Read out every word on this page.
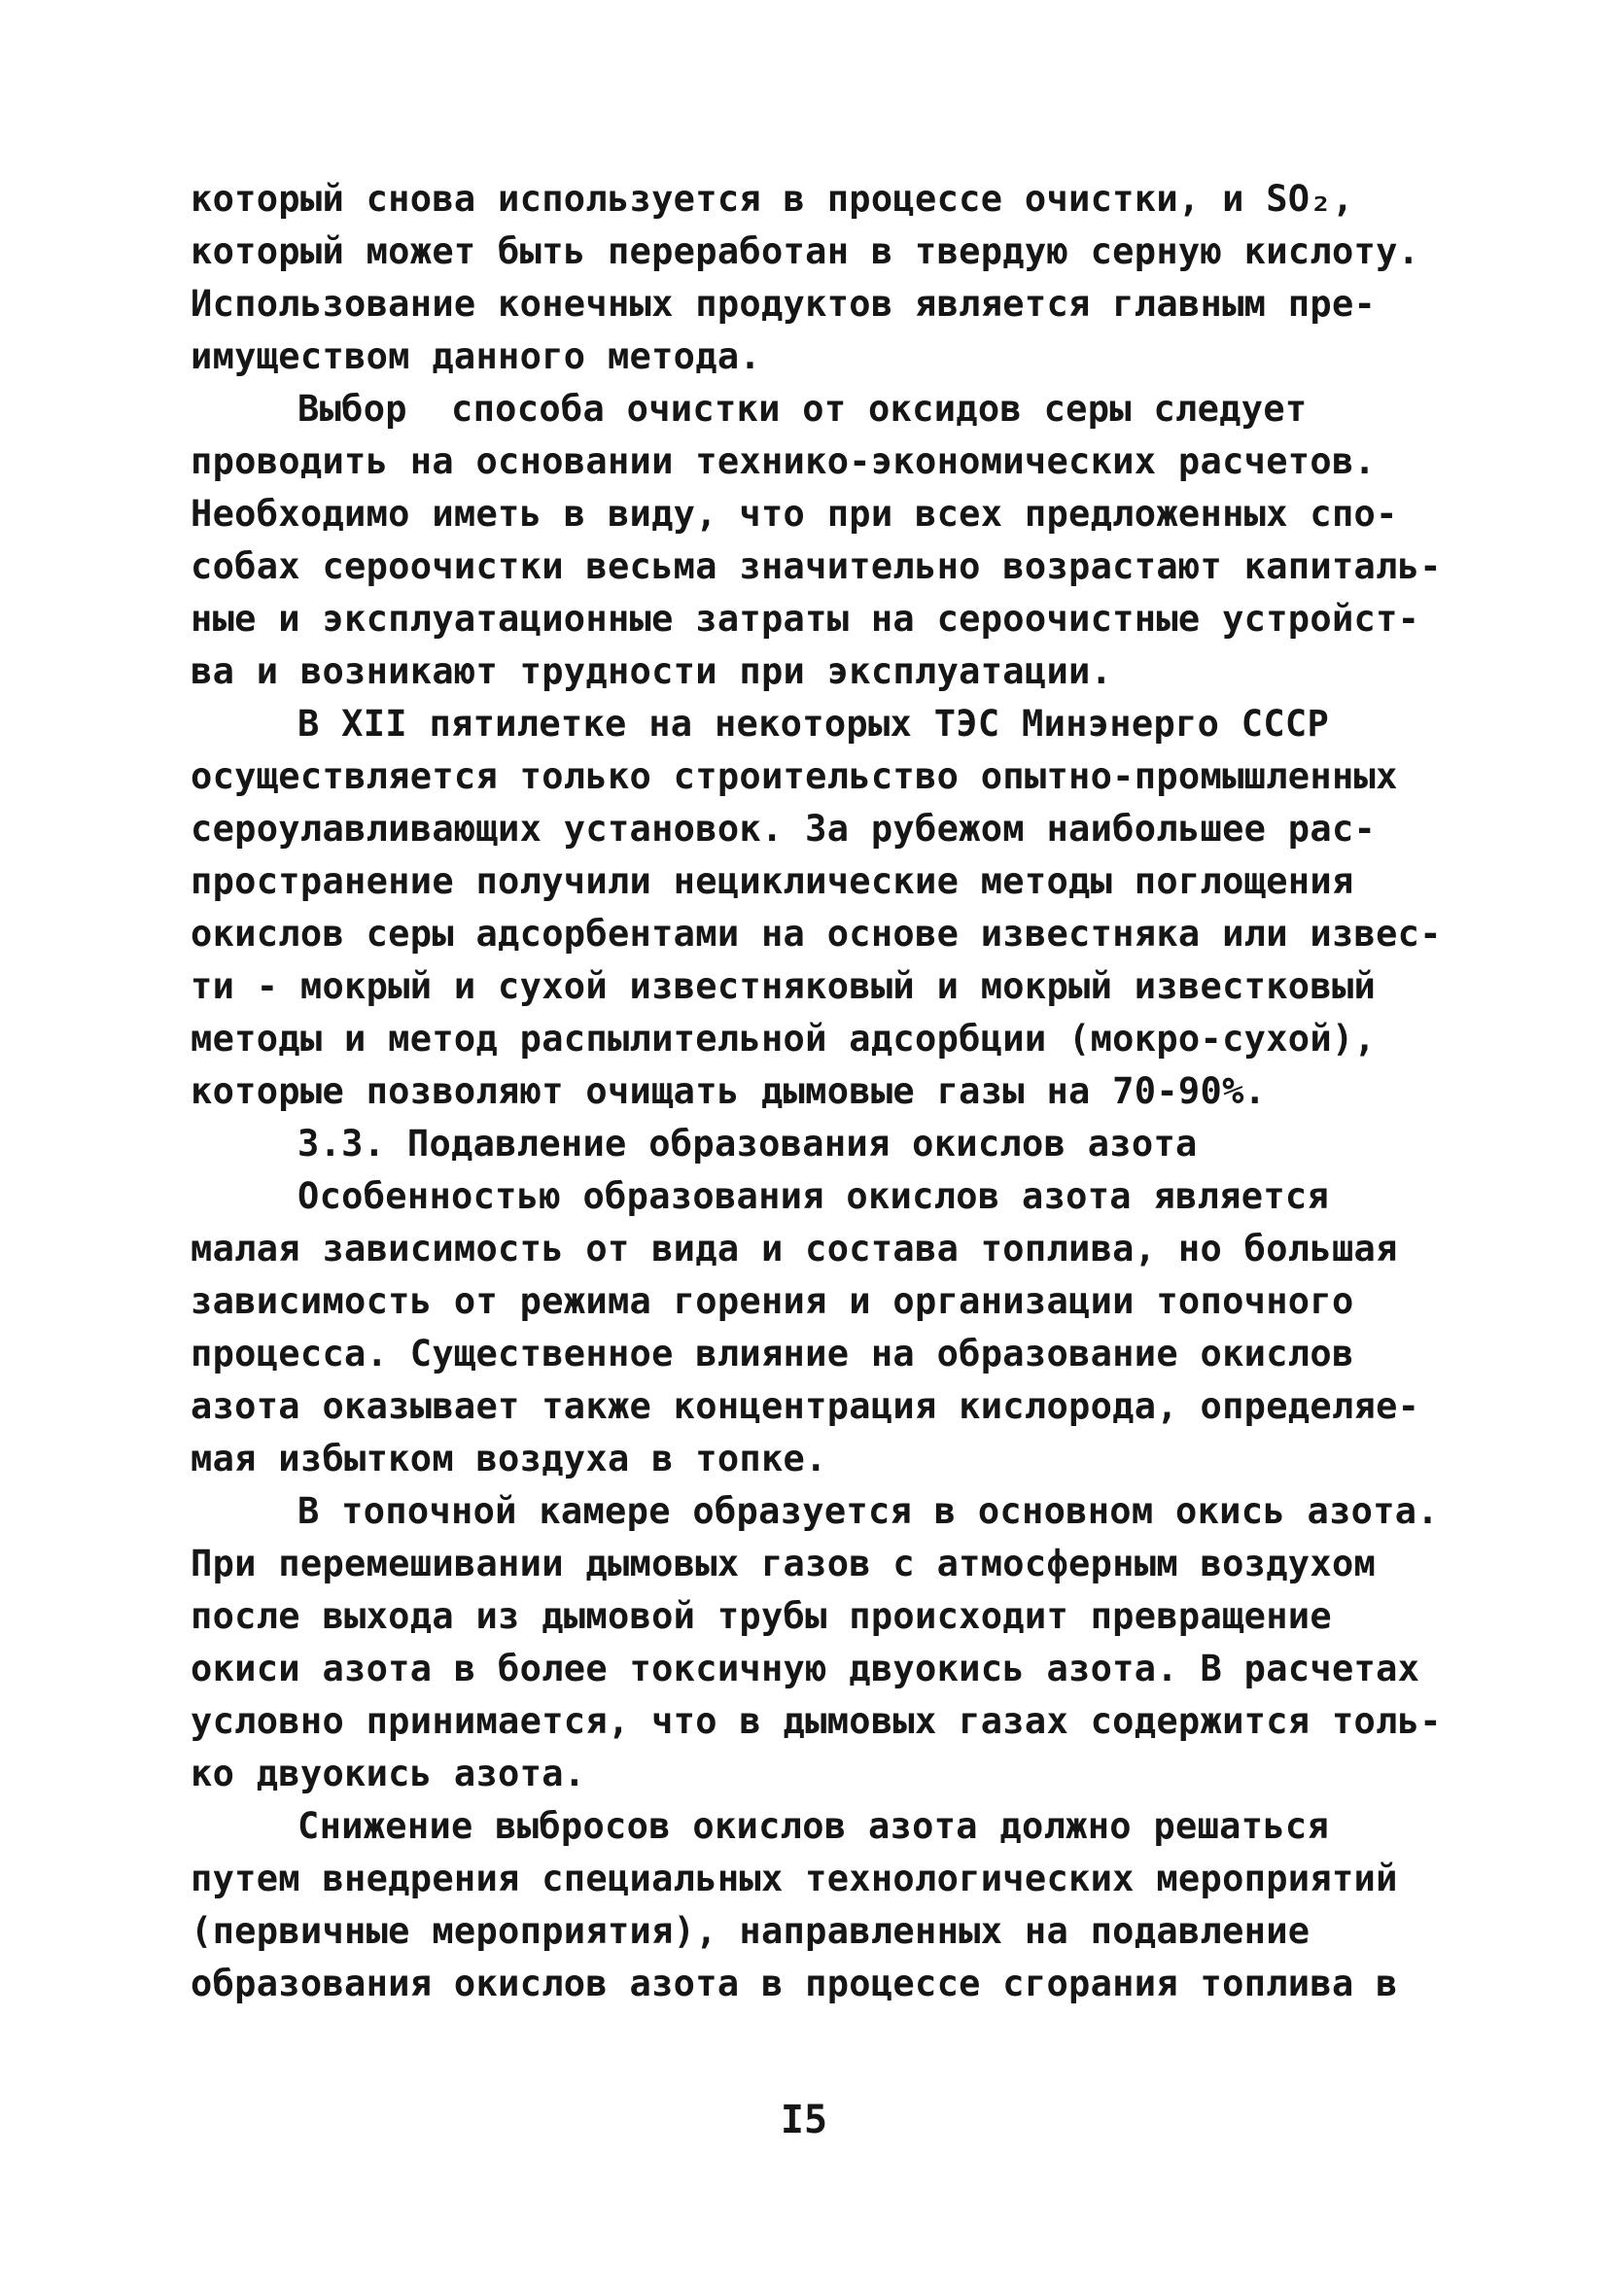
который снова используется в процессе очистки, и SO₂,
который может быть переработан в твердую серную кислоту.
Использование конечных продуктов является главным пре-
имуществом данного метода.

Выбор  способа очистки от оксидов серы следует
проводить на основании технико-экономических расчетов.
Необходимо иметь в виду, что при всех предложенных спо-
собах сероочистки весьма значительно возрастают капиталь-
ные и эксплуатационные затраты на сероочистные устройст-
ва и возникают трудности при эксплуатации.

В XII пятилетке на некоторых ТЭС Минэнерго СССР
осуществляется только строительство опытно-промышленных
сероулавливающих установок. За рубежом наибольшее рас-
пространение получили нециклические методы поглощения
окислов серы адсорбентами на основе известняка или извес-
ти - мокрый и сухой известняковый и мокрый известковый
методы и метод распылительной адсорбции (мокро-сухой),
которые позволяют очищать дымовые газы на 70-90%.

3.3. Подавление образования окислов азота

Особенностью образования окислов азота является
малая зависимость от вида и состава топлива, но большая
зависимость от режима горения и организации топочного
процесса. Существенное влияние на образование окислов
азота оказывает также концентрация кислорода, определяе-
мая избытком воздуха в топке.

В топочной камере образуется в основном окись азота.
При перемешивании дымовых газов с атмосферным воздухом
после выхода из дымовой трубы происходит превращение
окиси азота в более токсичную двуокись азота. В расчетах
условно принимается, что в дымовых газах содержится толь-
ко двуокись азота.

Снижение выбросов окислов азота должно решаться
путем внедрения специальных технологических мероприятий
(первичные мероприятия), направленных на подавление
образования окислов азота в процессе сгорания топлива в

I5
